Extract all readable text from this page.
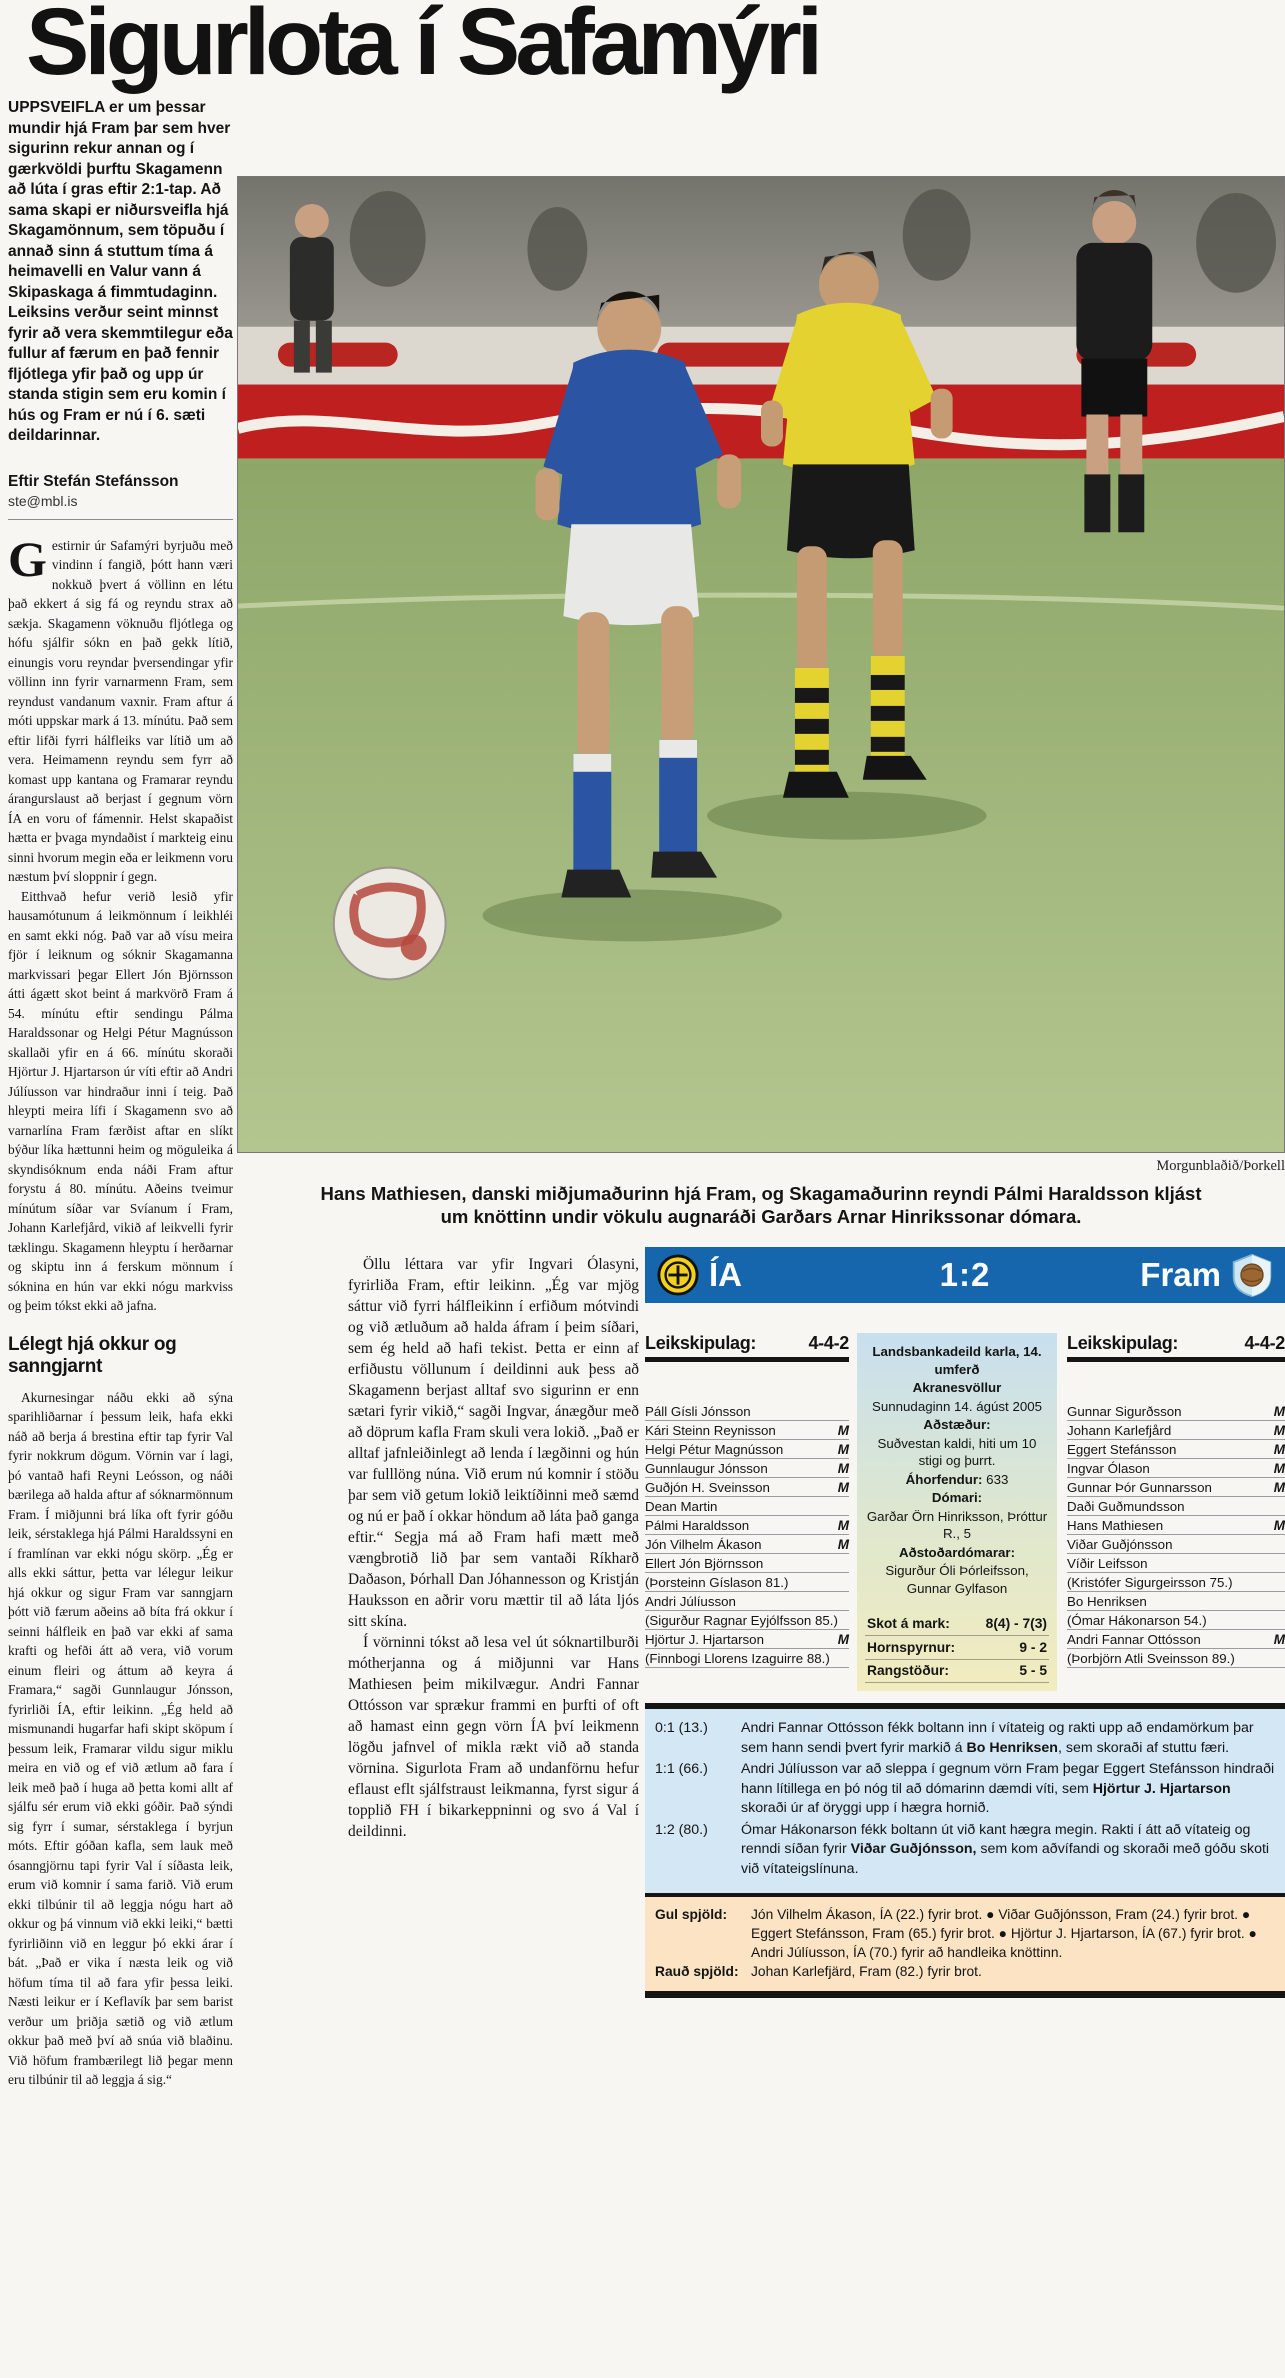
Sigurlota í Safamýri

UPPSVEIFLA er um þessar mundir hjá Fram þar sem hver sigurinn rekur annan og í gærkvöldi þurftu Skagamenn að lúta í gras eftir 2:1-tap. Að sama skapi er niðursveifla hjá Skagamönnum, sem töpuðu í annað sinn á stuttum tíma á heimavelli en Valur vann á Skipaskaga á fimmtudaginn. Leiksins verður seint minnst fyrir að vera skemmtilegur eða fullur af færum en það fennir fljótlega yfir það og upp úr standa stigin sem eru komin í hús og Fram er nú í 6. sæti deildarinnar.

Eftir Stefán Stefánsson
ste@mbl.is

Gestirnir úr Safamýri byrjuðu með vindinn í fangið, þótt hann væri nokkuð þvert á völlinn en létu það ekkert á sig fá og reyndu strax að sækja. Skagamenn vöknuðu fljótlega og hófu sjálfir sókn en það gekk lítið, einungis voru reyndar þversendingar yfir völlinn inn fyrir varnarmenn Fram, sem reyndust vandanum vaxnir. Fram aftur á móti uppskar mark á 13. mínútu. Það sem eftir lifði fyrri hálfleiks var lítið um að vera. Heimamenn reyndu sem fyrr að komast upp kantana og Framarar reyndu árangurslaust að berjast í gegnum vörn ÍA en voru of fámennir. Helst skapaðist hætta er þvaga myndaðist í markteig einu sinni hvorum megin eða er leikmenn voru næstum því sloppnir í gegn.

Eitthvað hefur verið lesið yfir hausamótunum á leikmönnum í leikhléi en samt ekki nóg. Það var að vísu meira fjör í leiknum og sóknir Skagamanna markvissari þegar Ellert Jón Björnsson átti ágætt skot beint á markvörð Fram á 54. mínútu eftir sendingu Pálma Haraldssonar og Helgi Pétur Magnússon skallaði yfir en á 66. mínútu skoraði Hjörtur J. Hjartarson úr víti eftir að Andri Júlíusson var hindraður inni í teig. Það hleypti meira lífi í Skagamenn svo að varnarlína Fram færðist aftar en slíkt býður líka hættunni heim og möguleika á skyndisóknum enda náði Fram aftur forystu á 80. mínútu. Aðeins tveimur mínútum síðar var Svíanum í Fram, Johann Karlefjård, vikið af leikvelli fyrir tæklingu. Skagamenn hleyptu í herðarnar og skiptu inn á ferskum mönnum í sóknina en hún var ekki nógu markviss og þeim tókst ekki að jafna.

Lélegt hjá okkur og sanngjarnt

Akurnesingar náðu ekki að sýna sparihliðarnar í þessum leik, hafa ekki náð að berja á brestina eftir tap fyrir Val fyrir nokkrum dögum. Vörnin var í lagi, þó vantað hafi Reyni Leósson, og náði bærilega að halda aftur af sóknarmönnum Fram. Í miðjunni brá líka oft fyrir góðu leik, sérstaklega hjá Pálmi Haraldssyni en í framlínan var ekki nógu skörp. „Ég er alls ekki sáttur, þetta var lélegur leikur hjá okkur og sigur Fram var sanngjarn þótt við færum aðeins að bíta frá okkur í seinni hálfleik en það var ekki af sama krafti og hefði átt að vera, við vorum einum fleiri og áttum að keyra á Framara,“ sagði Gunnlaugur Jónsson, fyrirliði ÍA, eftir leikinn. „Ég held að mismunandi hugarfar hafi skipt sköpum í þessum leik, Framarar vildu sigur miklu meira en við og ef við ætlum að fara í leik með það í huga að þetta komi allt af sjálfu sér erum við ekki góðir. Það sýndi sig fyrr í sumar, sérstaklega í byrjun móts. Eftir góðan kafla, sem lauk með ósanngjörnu tapi fyrir Val í síðasta leik, erum við komnir í sama farið. Við erum ekki tilbúnir til að leggja nógu hart að okkur og þá vinnum við ekki leiki,“ bætti fyrirliðinn við en leggur þó ekki árar í bát. „Það er vika í næsta leik og við höfum tíma til að fara yfir þessa leiki. Næsti leikur er í Keflavík þar sem barist verður um þriðja sætið og við ætlum okkur það með því að snúa við blaðinu. Við höfum frambærilegt lið þegar menn eru tilbúnir til að leggja á sig.“

Morgunblaðið/Þorkell
Hans Mathiesen, danski miðjumaðurinn hjá Fram, og Skagamaðurinn reyndi Pálmi Haraldsson kljást um knöttinn undir vökulu augnaráði Garðars Arnar Hinrikssonar dómara.

Öllu léttara var yfir Ingvari Ólasyni, fyrirliða Fram, eftir leikinn. „Ég var mjög sáttur við fyrri hálfleikinn í erfiðum mótvindi og við ætluðum að halda áfram í þeim síðari, sem ég held að hafi tekist. Þetta er einn af erfiðustu völlunum í deildinni auk þess að Skagamenn berjast alltaf svo sigurinn er enn sætari fyrir vikið,“ sagði Ingvar, ánægður með að döprum kafla Fram skuli vera lokið. „Það er alltaf jafnleiðinlegt að lenda í lægðinni og hún var fulllöng núna. Við erum nú komnir í stöðu þar sem við getum lokið leiktíðinni með sæmd og nú er það í okkar höndum að láta það ganga eftir.“ Segja má að Fram hafi mætt með vængbrotið lið þar sem vantaði Ríkharð Daðason, Þórhall Dan Jóhannesson og Kristján Hauksson en aðrir voru mættir til að láta ljós sitt skína.

Í vörninni tókst að lesa vel út sóknartilburði mótherjanna og á miðjunni var Hans Mathiesen þeim mikilvægur. Andri Fannar Ottósson var sprækur frammi en þurfti of oft að hamast einn gegn vörn ÍA því leikmenn lögðu jafnvel of mikla rækt við að standa vörnina. Sigurlota Fram að undanförnu hefur eflaust eflt sjálfstraust leikmanna, fyrst sigur á topplið FH í bikarkeppninni og svo á Val í deildinni.

ÍA	1:2	Fram
Leikskipulag:	4-4-2
Páll Gísli Jónsson
Kári Steinn Reynisson	M
Helgi Pétur Magnússon	M
Gunnlaugur Jónsson	M
Guðjón H. Sveinsson	M
Dean Martin
Pálmi Haraldsson	M
Jón Vilhelm Ákason	M
Ellert Jón Björnsson
(Þorsteinn Gíslason 81.)
Andri Júlíusson
(Sigurður Ragnar Eyjólfsson 85.)
Hjörtur J. Hjartarson	M
(Finnbogi Llorens Izaguirre 88.)
Landsbankadeild karla, 14. umferð
Akranesvöllur
Sunnudaginn 14. ágúst 2005
Aðstæður:
Suðvestan kaldi, hiti um 10 stigi og þurrt.
Áhorfendur: 633
Dómari:
Garðar Örn Hinriksson, Þróttur R., 5
Aðstoðardómarar:
Sigurður Óli Þórleifsson, Gunnar Gylfason
Skot á mark:	8(4) - 7(3)
Hornspyrnur:	9 - 2
Rangstöður:	5 - 5
Leikskipulag:	4-4-2
Gunnar Sigurðsson	M
Johann Karlefjård	M
Eggert Stefánsson	M
Ingvar Ólason	M
Gunnar Þór Gunnarsson	M
Daði Guðmundsson
Hans Mathiesen	M
Viðar Guðjónsson
Víðir Leifsson
(Kristófer Sigurgeirsson 75.)
Bo Henriksen
(Ómar Hákonarson 54.)
Andri Fannar Ottósson	M
(Þorbjörn Atli Sveinsson 89.)
0:1 (13.)	Andri Fannar Ottósson fékk boltann inn í vítateig og rakti upp að endamörkum þar sem hann sendi þvert fyrir markið á Bo Henriksen, sem skoraði af stuttu færi.
1:1 (66.)	Andri Júlíusson var að sleppa í gegnum vörn Fram þegar Eggert Stefánsson hindraði hann lítillega en þó nóg til að dómarinn dæmdi víti, sem Hjörtur J. Hjartarson skoraði úr af öryggi upp í hægra hornið.
1:2 (80.)	Ómar Hákonarson fékk boltann út við kant hægra megin. Rakti í átt að vítateig og renndi síðan fyrir Viðar Guðjónsson, sem kom aðvífandi og skoraði með góðu skoti við vítateigslínuna.
Gul spjöld:	Jón Vilhelm Ákason, ÍA (22.) fyrir brot. ● Viðar Guðjónsson, Fram (24.) fyrir brot. ● Eggert Stefánsson, Fram (65.) fyrir brot. ● Hjörtur J. Hjartarson, ÍA (67.) fyrir brot. ● Andri Júlíusson, ÍA (70.) fyrir að handleika knöttinn.
Rauð spjöld: Johan Karlefjärd, Fram (82.) fyrir brot.
